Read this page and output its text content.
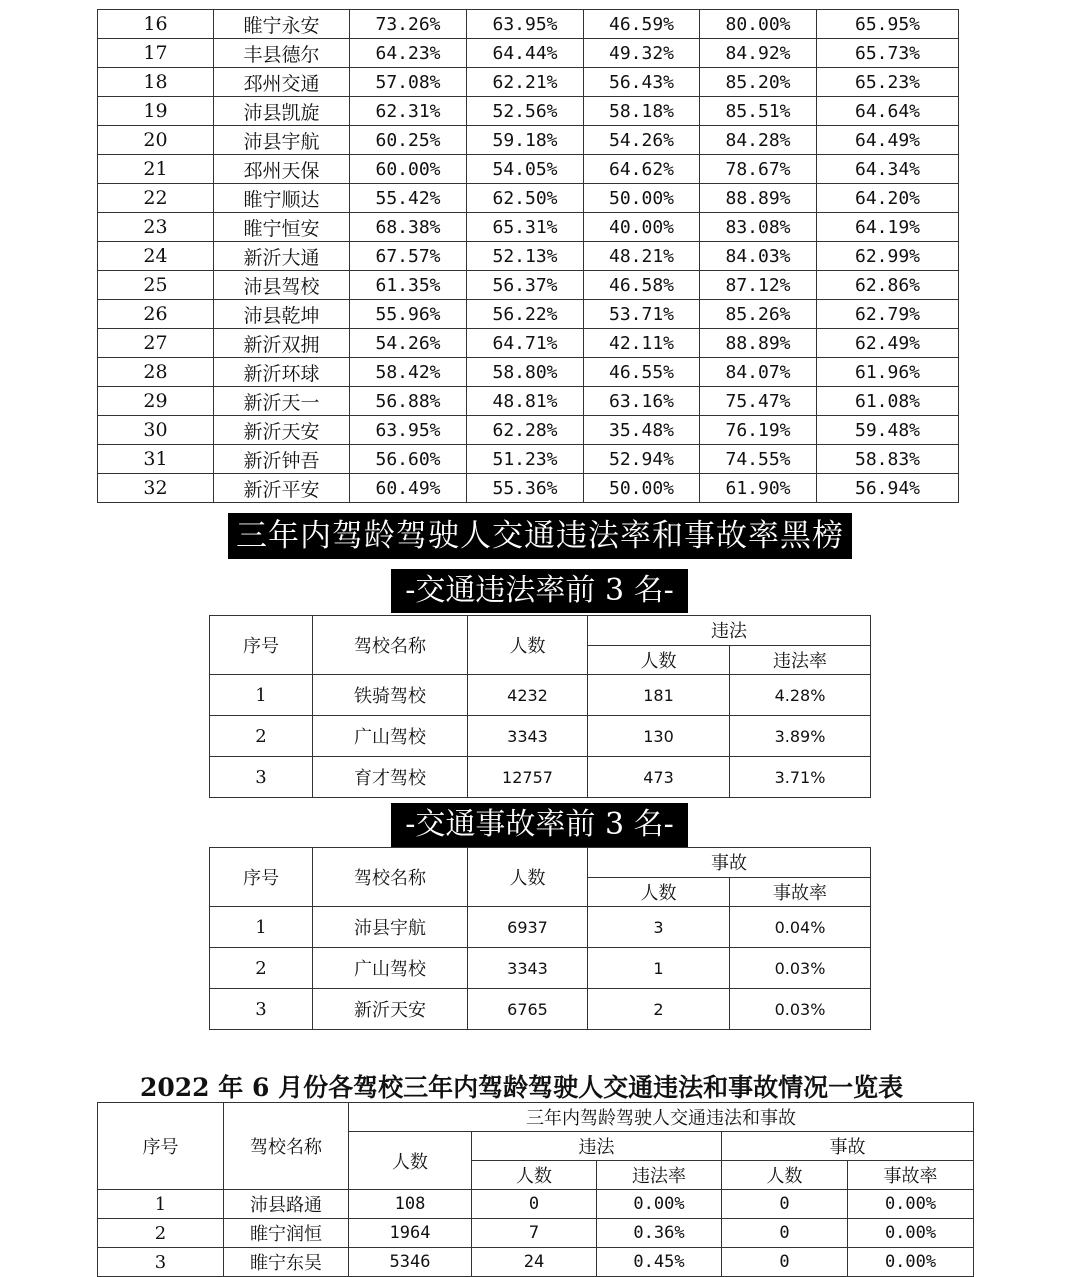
16	睢宁永安	73.26%	63.95%	46.59%	80.00%	65.95%
17	丰县德尔	64.23%	64.44%	49.32%	84.92%	65.73%
18	邳州交通	57.08%	62.21%	56.43%	85.20%	65.23%
19	沛县凯旋	62.31%	52.56%	58.18%	85.51%	64.64%
20	沛县宇航	60.25%	59.18%	54.26%	84.28%	64.49%
21	邳州天保	60.00%	54.05%	64.62%	78.67%	64.34%
22	睢宁顺达	55.42%	62.50%	50.00%	88.89%	64.20%
23	睢宁恒安	68.38%	65.31%	40.00%	83.08%	64.19%
24	新沂大通	67.57%	52.13%	48.21%	84.03%	62.99%
25	沛县驾校	61.35%	56.37%	46.58%	87.12%	62.86%
26	沛县乾坤	55.96%	56.22%	53.71%	85.26%	62.79%
27	新沂双拥	54.26%	64.71%	42.11%	88.89%	62.49%
28	新沂环球	58.42%	58.80%	46.55%	84.07%	61.96%
29	新沂天一	56.88%	48.81%	63.16%	75.47%	61.08%
30	新沂天安	63.95%	62.28%	35.48%	76.19%	59.48%
31	新沂钟吾	56.60%	51.23%	52.94%	74.55%	58.83%
32	新沂平安	60.49%	55.36%	50.00%	61.90%	56.94%
三年内驾龄驾驶人交通违法率和事故率黑榜
-交通违法率前 3 名-
序号	驾校名称	人数	违法	
			人数	违法率
1	铁骑驾校	4232	181	4.28%
2	广山驾校	3343	130	3.89%
3	育才驾校	12757	473	3.71%
-交通事故率前 3 名-
序号	驾校名称	人数	事故	
			人数	事故率
1	沛县宇航	6937	3	0.04%
2	广山驾校	3343	1	0.03%
3	新沂天安	6765	2	0.03%
2022 年 6 月份各驾校三年内驾龄驾驶人交通违法和事故情况一览表
序号	驾校名称	三年内驾龄驾驶人交通违法和事故				
		人数	违法		事故	
			人数	违法率	人数	事故率
1	沛县路通	108	0	0.00%	0	0.00%
2	睢宁润恒	1964	7	0.36%	0	0.00%
3	睢宁东吴	5346	24	0.45%	0	0.00%
